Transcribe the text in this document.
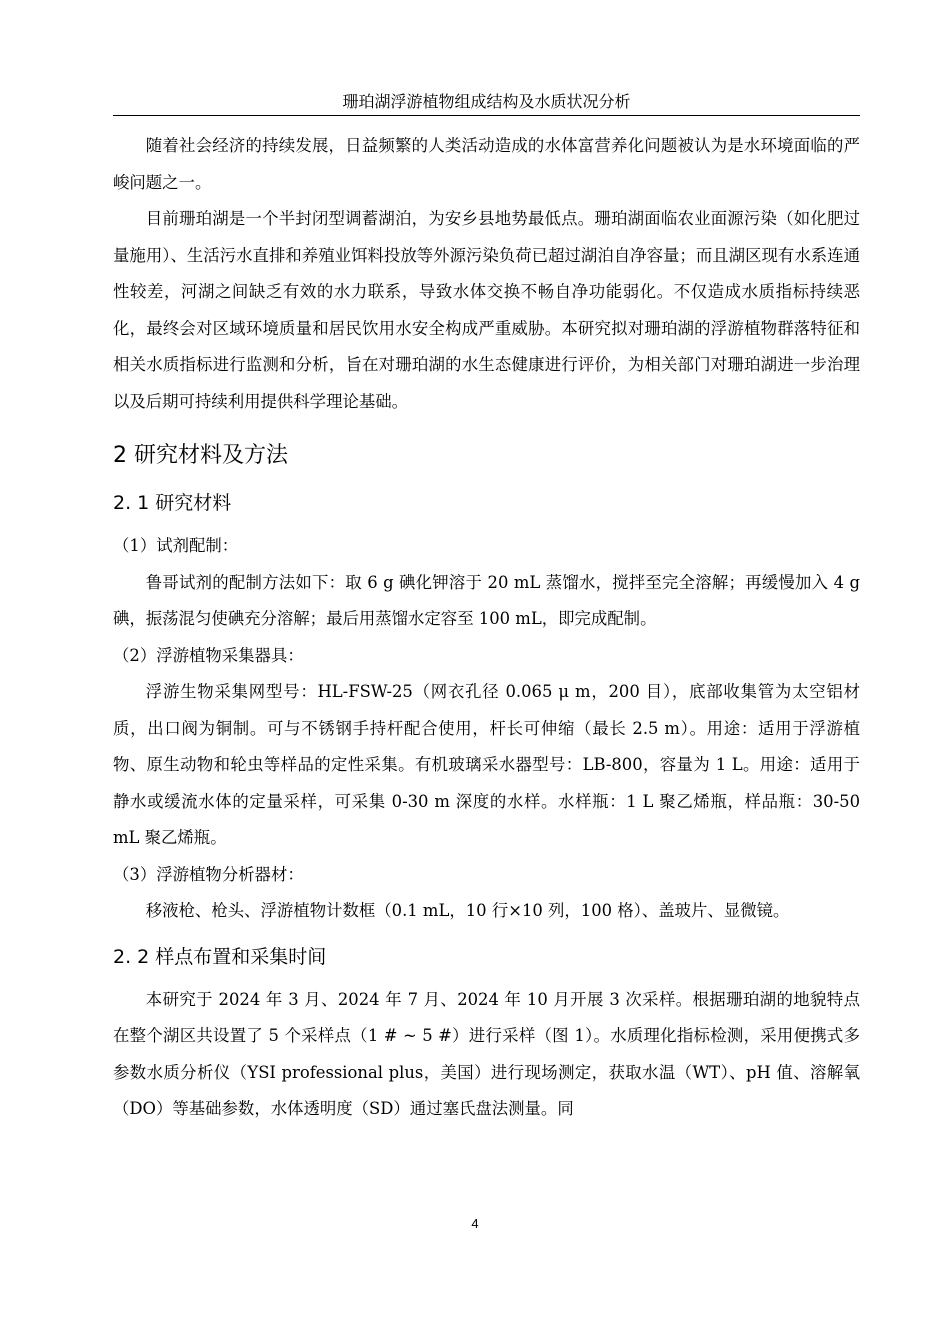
珊珀湖浮游植物组成结构及水质状况分析

随着社会经济的持续发展，日益频繁的人类活动造成的水体富营养化问题被认为是水环境面临的严峻问题之一。

目前珊珀湖是一个半封闭型调蓄湖泊，为安乡县地势最低点。珊珀湖面临农业面源污染（如化肥过量施用）、生活污水直排和养殖业饵料投放等外源污染负荷已超过湖泊自净容量；而且湖区现有水系连通性较差，河湖之间缺乏有效的水力联系，导致水体交换不畅自净功能弱化。不仅造成水质指标持续恶化，最终会对区域环境质量和居民饮用水安全构成严重威胁。本研究拟对珊珀湖的浮游植物群落特征和相关水质指标进行监测和分析，旨在对珊珀湖的水生态健康进行评价，为相关部门对珊珀湖进一步治理以及后期可持续利用提供科学理论基础。

2 研究材料及方法
2. 1 研究材料

（1）试剂配制：

鲁哥试剂的配制方法如下：取 6 g 碘化钾溶于 20 mL 蒸馏水，搅拌至完全溶解；再缓慢加入 4 g 碘，振荡混匀使碘充分溶解；最后用蒸馏水定容至 100 mL，即完成配制。

（2）浮游植物采集器具：

浮游生物采集网型号：HL-FSW-25（网衣孔径 0.065 μ m，200 目），底部收集管为太空铝材质，出口阀为铜制。可与不锈钢手持杆配合使用，杆长可伸缩（最长 2.5 m）。用途：适用于浮游植物、原生动物和轮虫等样品的定性采集。有机玻璃采水器型号：LB-800，容量为 1 L。用途：适用于静水或缓流水体的定量采样，可采集 0-30 m 深度的水样。水样瓶：1 L 聚乙烯瓶，样品瓶：30-50 mL 聚乙烯瓶。

（3）浮游植物分析器材：

移液枪、枪头、浮游植物计数框（0.1 mL，10 行×10 列，100 格）、盖玻片、显微镜。

2. 2 样点布置和采集时间

本研究于 2024 年 3 月、2024 年 7 月、2024 年 10 月开展 3 次采样。根据珊珀湖的地貌特点在整个湖区共设置了 5 个采样点（1 # ~ 5 #）进行采样（图 1）。水质理化指标检测，采用便携式多参数水质分析仪（YSI professional plus，美国）进行现场测定，获取水温（WT）、pH 值、溶解氧（DO）等基础参数，水体透明度（SD）通过塞氏盘法测量。同

4
